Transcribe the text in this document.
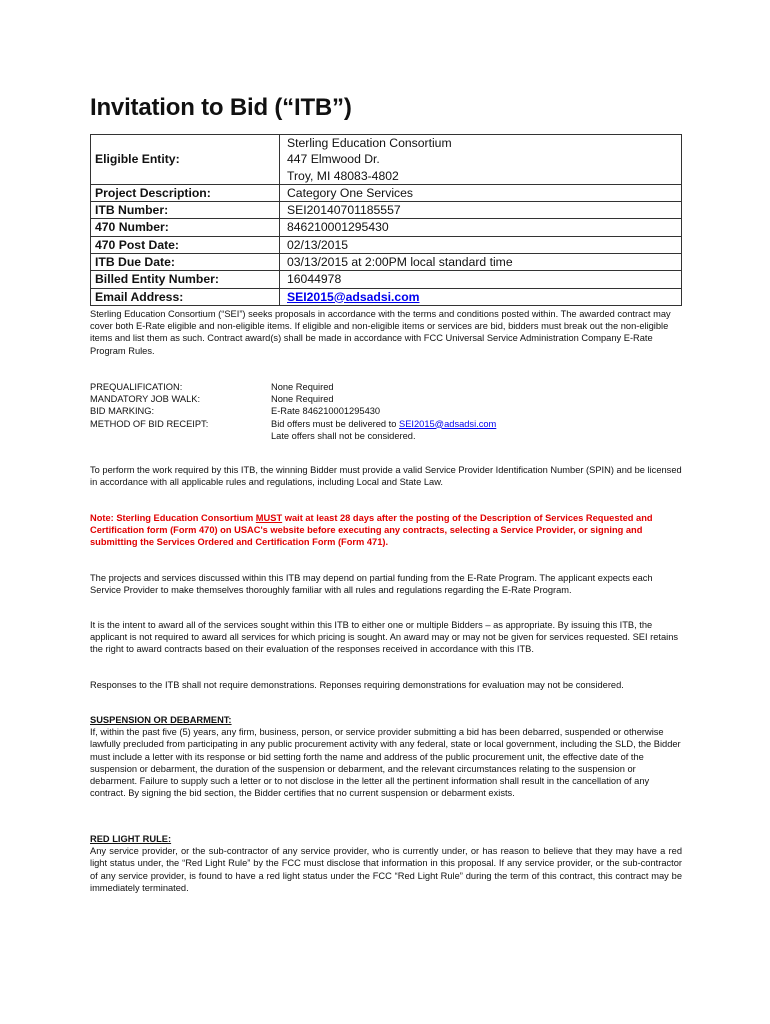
Invitation to Bid (“ITB”)
Eligible Entity:	Sterling Education Consortium
447 Elmwood Dr.
Troy, MI 48083-4802

Project Description:	Category One Services
ITB Number:	SEI20140701185557
470 Number:	846210001295430
470 Post Date:	02/13/2015
ITB Due Date:	03/13/2015 at 2:00PM local standard time
Billed Entity Number:	16044978
Email Address:	SEI2015@adsadsi.com

Sterling Education Consortium (“SEI”) seeks proposals in accordance with the terms and conditions posted within. The awarded contract may cover both E-Rate eligible and non-eligible items. If eligible and non-eligible items or services are bid, bidders must break out the non-eligible items and list them as such. Contract award(s) shall be made in accordance with FCC Universal Service Administration Company E-Rate Program Rules.

PREQUALIFICATION:	None Required
MANDATORY JOB WALK:	None Required
BID MARKING:	E-Rate 846210001295430
METHOD OF BID RECEIPT:	Bid offers must be delivered to SEI2015@adsadsi.com
Late offers shall not be considered.

To perform the work required by this ITB, the winning Bidder must provide a valid Service Provider Identification Number (SPIN) and be licensed in accordance with all applicable rules and regulations, including Local and State Law.

Note: Sterling Education Consortium MUST wait at least 28 days after the posting of the Description of Services Requested and Certification form (Form 470) on USAC's website before executing any contracts, selecting a Service Provider, or signing and submitting the Services Ordered and Certification Form (Form 471).

The projects and services discussed within this ITB may depend on partial funding from the E-Rate Program. The applicant expects each Service Provider to make themselves thoroughly familiar with all rules and regulations regarding the E-Rate Program.

It is the intent to award all of the services sought within this ITB to either one or multiple Bidders – as appropriate. By issuing this ITB, the applicant is not required to award all services for which pricing is sought. An award may or may not be given for services requested. SEI retains the right to award contracts based on their evaluation of the responses received in accordance with this ITB.

Responses to the ITB shall not require demonstrations. Reponses requiring demonstrations for evaluation may not be considered.

SUSPENSION OR DEBARMENT:
If, within the past five (5) years, any firm, business, person, or service provider submitting a bid has been debarred, suspended or otherwise lawfully precluded from participating in any public procurement activity with any federal, state or local government, including the SLD, the Bidder must include a letter with its response or bid setting forth the name and address of the public procurement unit, the effective date of the suspension or debarment, the duration of the suspension or debarment, and the relevant circumstances relating to the suspension or debarment. Failure to supply such a letter or to not disclose in the letter all the pertinent information shall result in the cancellation of any contract. By signing the bid section, the Bidder certifies that no current suspension or debarment exists.
RED LIGHT RULE:
Any service provider, or the sub-contractor of any service provider, who is currently under, or has reason to believe that they may have a red light status under, the “Red Light Rule” by the FCC must disclose that information in this proposal. If any service provider, or the sub-contractor of any service provider, is found to have a red light status under the FCC “Red Light Rule” during the term of this contract, this contract may be immediately terminated.
